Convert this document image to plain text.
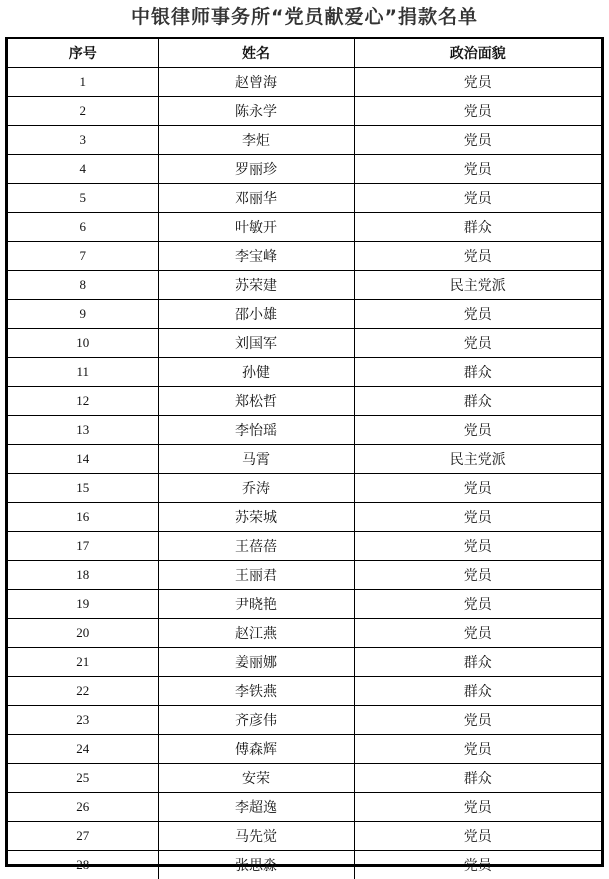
中银律师事务所“党员献爱心”捐款名单
序号	姓名	政治面貌
1	赵曾海	党员
2	陈永学	党员
3	李炬	党员
4	罗丽珍	党员
5	邓丽华	党员
6	叶敏开	群众
7	李宝峰	党员
8	苏荣建	民主党派
9	邵小雄	党员
10	刘国军	党员
11	孙健	群众
12	郑松哲	群众
13	李怡瑶	党员
14	马霄	民主党派
15	乔涛	党员
16	苏荣城	党员
17	王蓓蓓	党员
18	王丽君	党员
19	尹晓艳	党员
20	赵江燕	党员
21	姜丽娜	群众
22	李铁燕	群众
23	齐彦伟	党员
24	傅森辉	党员
25	安荣	群众
26	李超逸	党员
27	马先觉	党员
28	张思淼	党员
